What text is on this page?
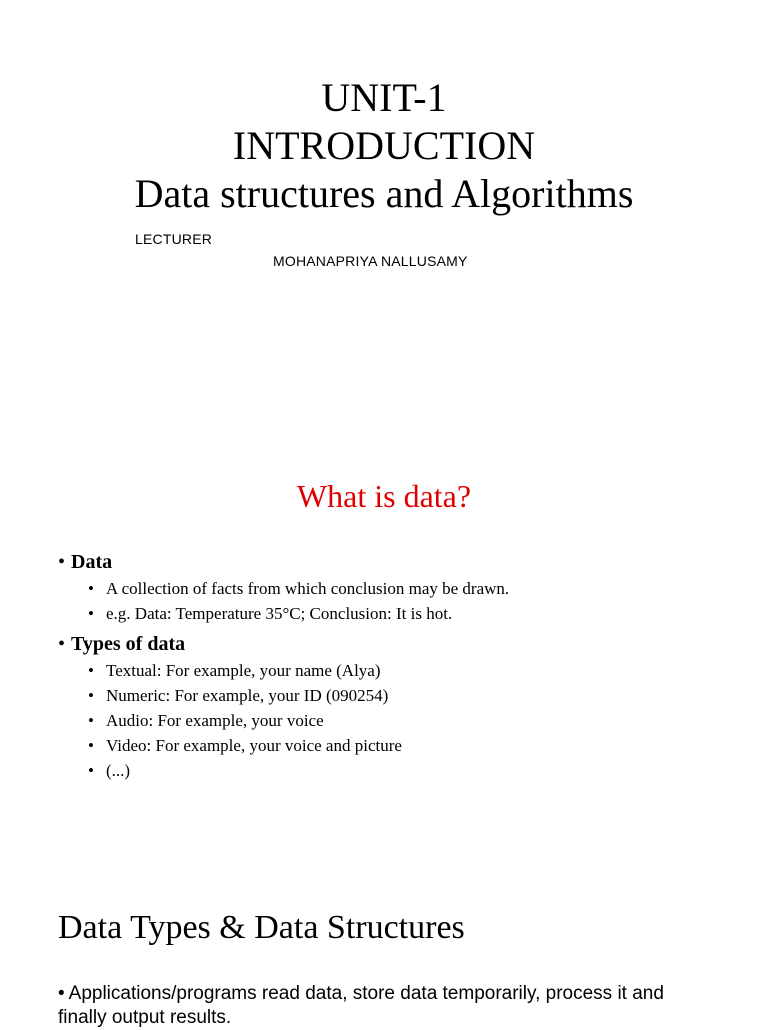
UNIT-1
INTRODUCTION
Data structures and Algorithms
LECTURER
MOHANAPRIYA NALLUSAMY
What is data?
• Data
• A collection of facts from which conclusion may be drawn.
• e.g. Data: Temperature 35°C; Conclusion: It is hot.
• Types of data
• Textual: For example, your name (Alya)
• Numeric: For example, your ID (090254)
• Audio: For example, your voice
• Video: For example, your voice and picture
• (...)
Data Types & Data Structures
• Applications/programs read data, store data temporarily, process it and finally output results.
